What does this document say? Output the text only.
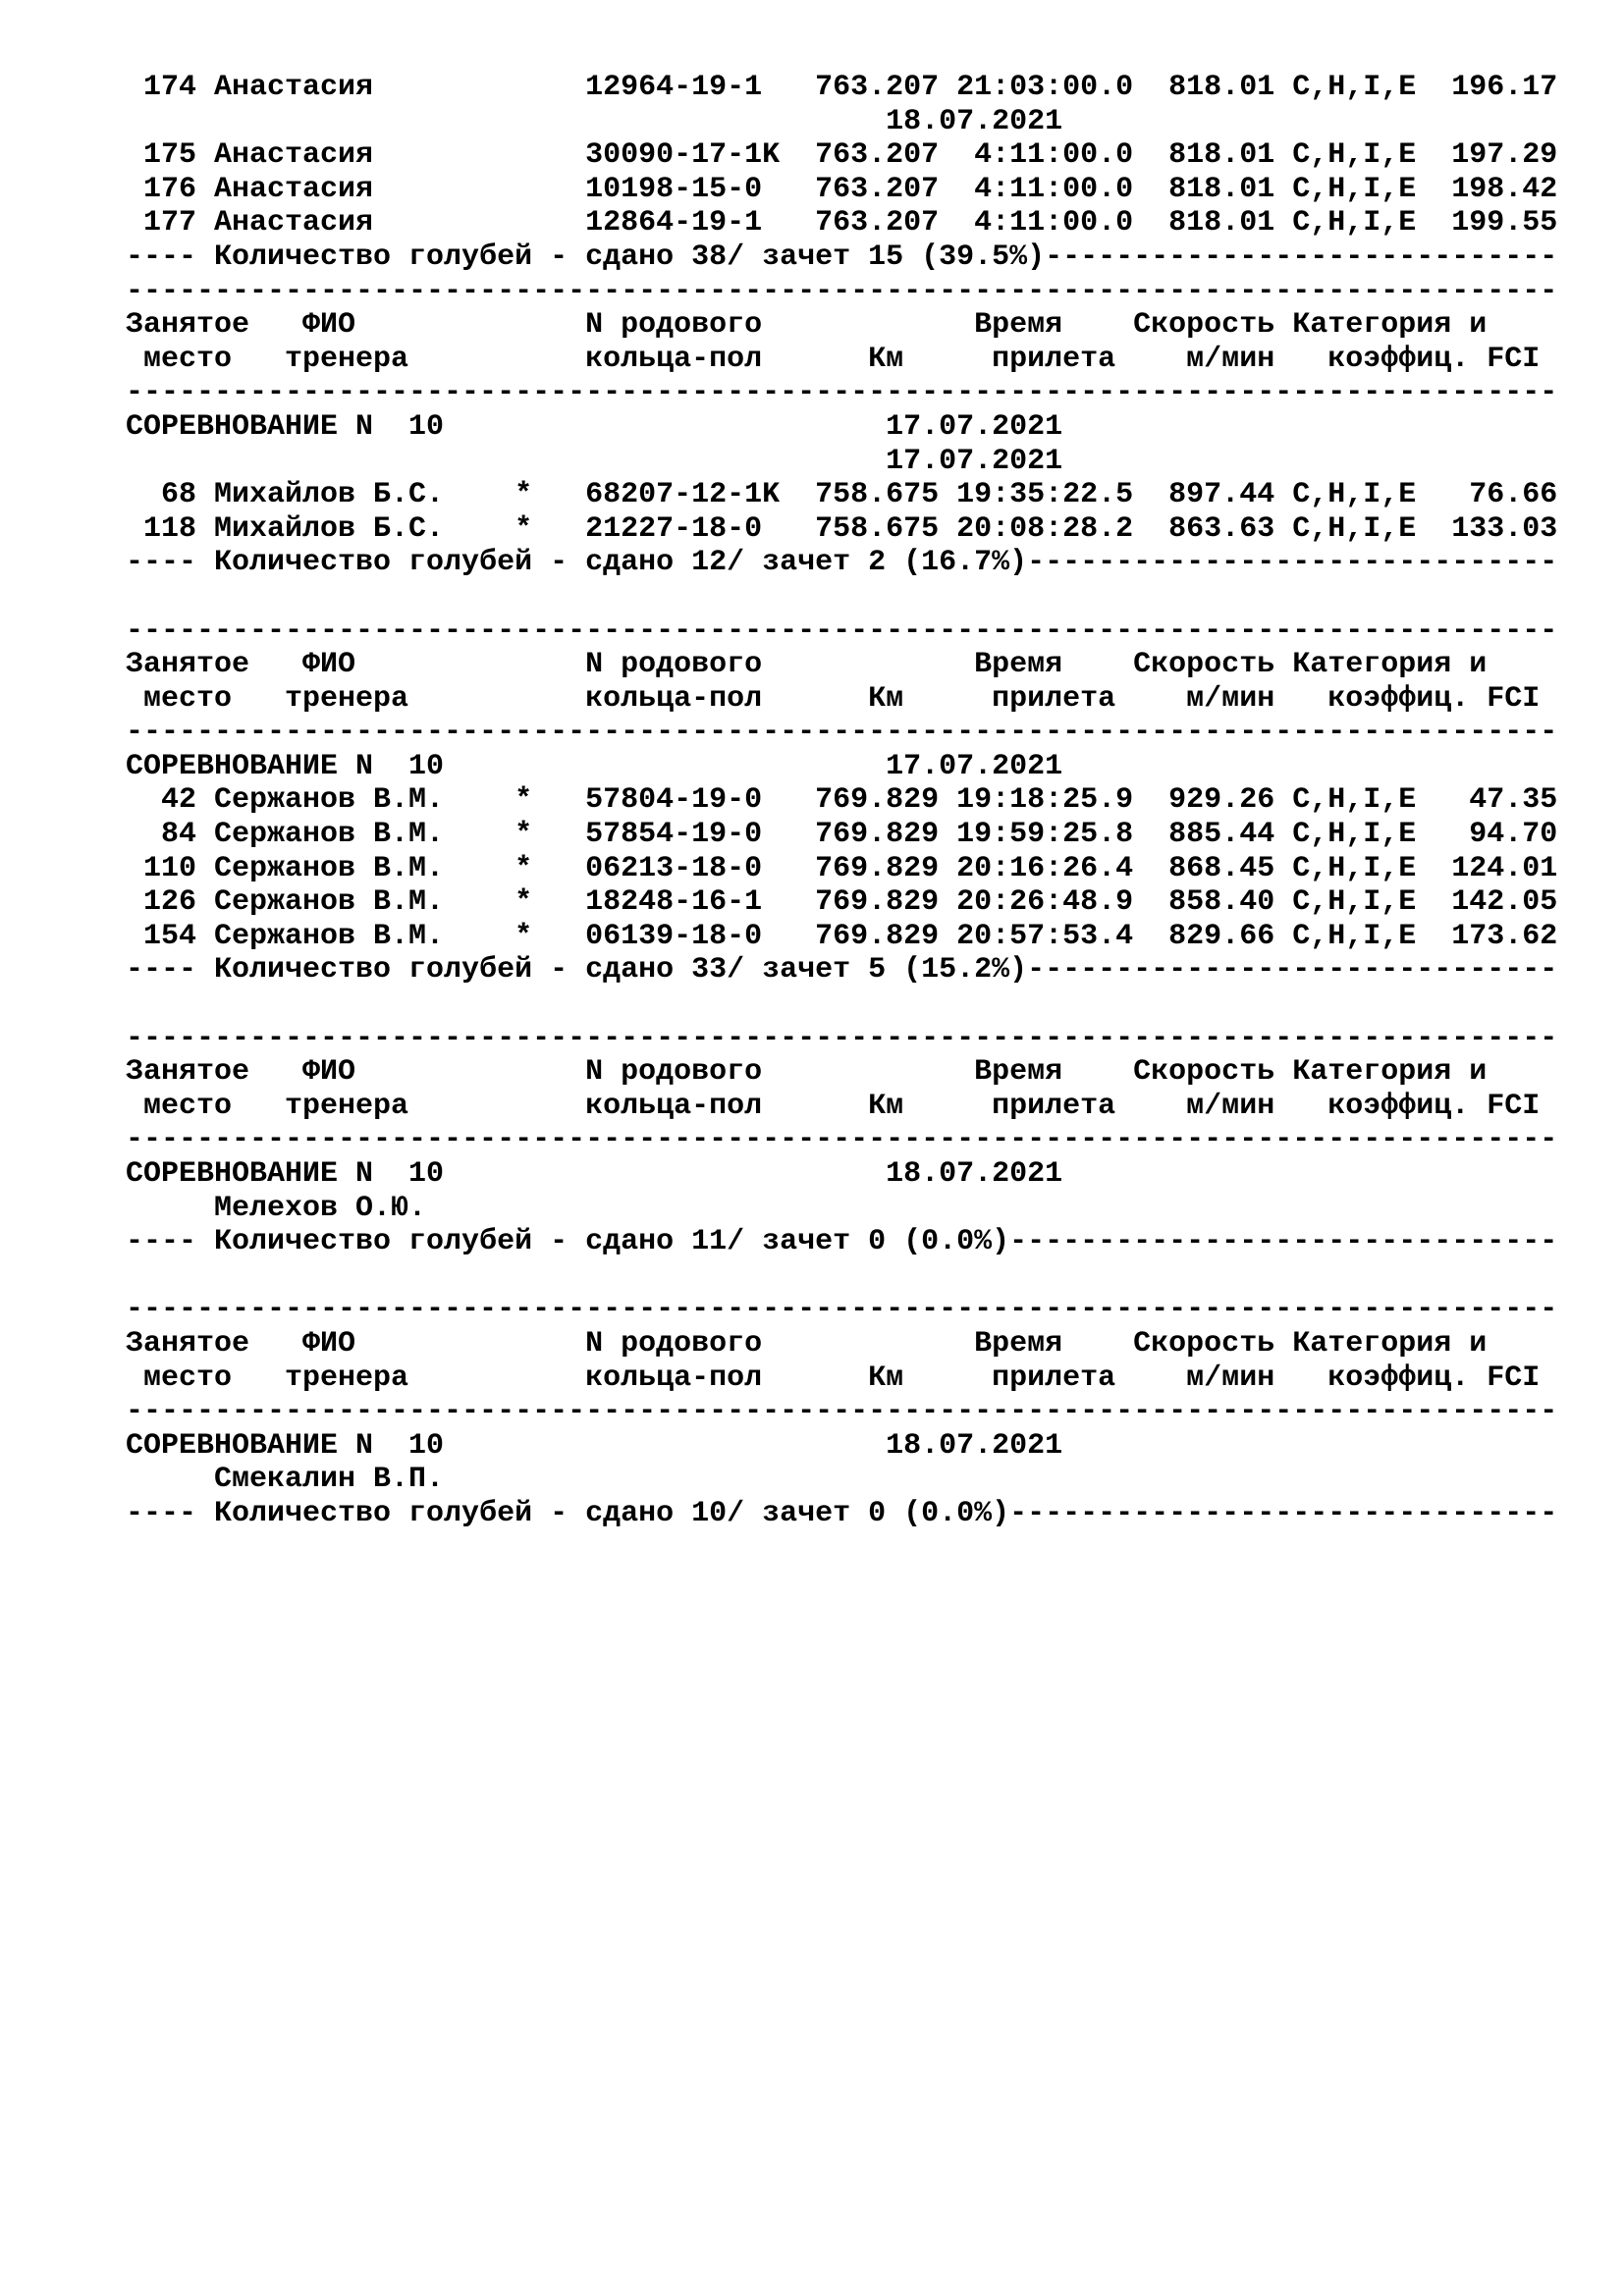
174 Анастасия            12964-19-1   763.207 21:03:00.0  818.01 C,H,I,E  196.17
18.07.2021
175 Анастасия            30090-17-1K  763.207  4:11:00.0  818.01 C,H,I,E  197.29
176 Анастасия            10198-15-0   763.207  4:11:00.0  818.01 C,H,I,E  198.42
177 Анастасия            12864-19-1   763.207  4:11:00.0  818.01 C,H,I,E  199.55
---- Количество голубей - сдано 38/ зачет 15 (39.5%)-----------------------------
---------------------------------------------------------------------------------
Занятое   ФИО             N родового            Время    Скорость Категория и
место   тренера          кольца-пол      Км     прилета    м/мин   коэффиц. FCI
---------------------------------------------------------------------------------
СОРЕВНОВАНИЕ N  10                         17.07.2021
17.07.2021
68 Михайлов Б.С.    *   68207-12-1K  758.675 19:35:22.5  897.44 C,H,I,E   76.66
118 Михайлов Б.С.    *   21227-18-0   758.675 20:08:28.2  863.63 C,H,I,E  133.03
---- Количество голубей - сдано 12/ зачет 2 (16.7%)------------------------------
---------------------------------------------------------------------------------
Занятое   ФИО             N родового            Время    Скорость Категория и
место   тренера          кольца-пол      Км     прилета    м/мин   коэффиц. FCI
---------------------------------------------------------------------------------
СОРЕВНОВАНИЕ N  10                         17.07.2021
42 Сержанов В.М.    *   57804-19-0   769.829 19:18:25.9  929.26 C,H,I,E   47.35
84 Сержанов В.М.    *   57854-19-0   769.829 19:59:25.8  885.44 C,H,I,E   94.70
110 Сержанов В.М.    *   06213-18-0   769.829 20:16:26.4  868.45 C,H,I,E  124.01
126 Сержанов В.М.    *   18248-16-1   769.829 20:26:48.9  858.40 C,H,I,E  142.05
154 Сержанов В.М.    *   06139-18-0   769.829 20:57:53.4  829.66 C,H,I,E  173.62
---- Количество голубей - сдано 33/ зачет 5 (15.2%)------------------------------
---------------------------------------------------------------------------------
Занятое   ФИО             N родового            Время    Скорость Категория и
место   тренера          кольца-пол      Км     прилета    м/мин   коэффиц. FCI
---------------------------------------------------------------------------------
СОРЕВНОВАНИЕ N  10                         18.07.2021
Мелехов О.Ю.
---- Количество голубей - сдано 11/ зачет 0 (0.0%)-------------------------------
---------------------------------------------------------------------------------
Занятое   ФИО             N родового            Время    Скорость Категория и
место   тренера          кольца-пол      Км     прилета    м/мин   коэффиц. FCI
---------------------------------------------------------------------------------
СОРЕВНОВАНИЕ N  10                         18.07.2021
Смекалин В.П.
---- Количество голубей - сдано 10/ зачет 0 (0.0%)-------------------------------
